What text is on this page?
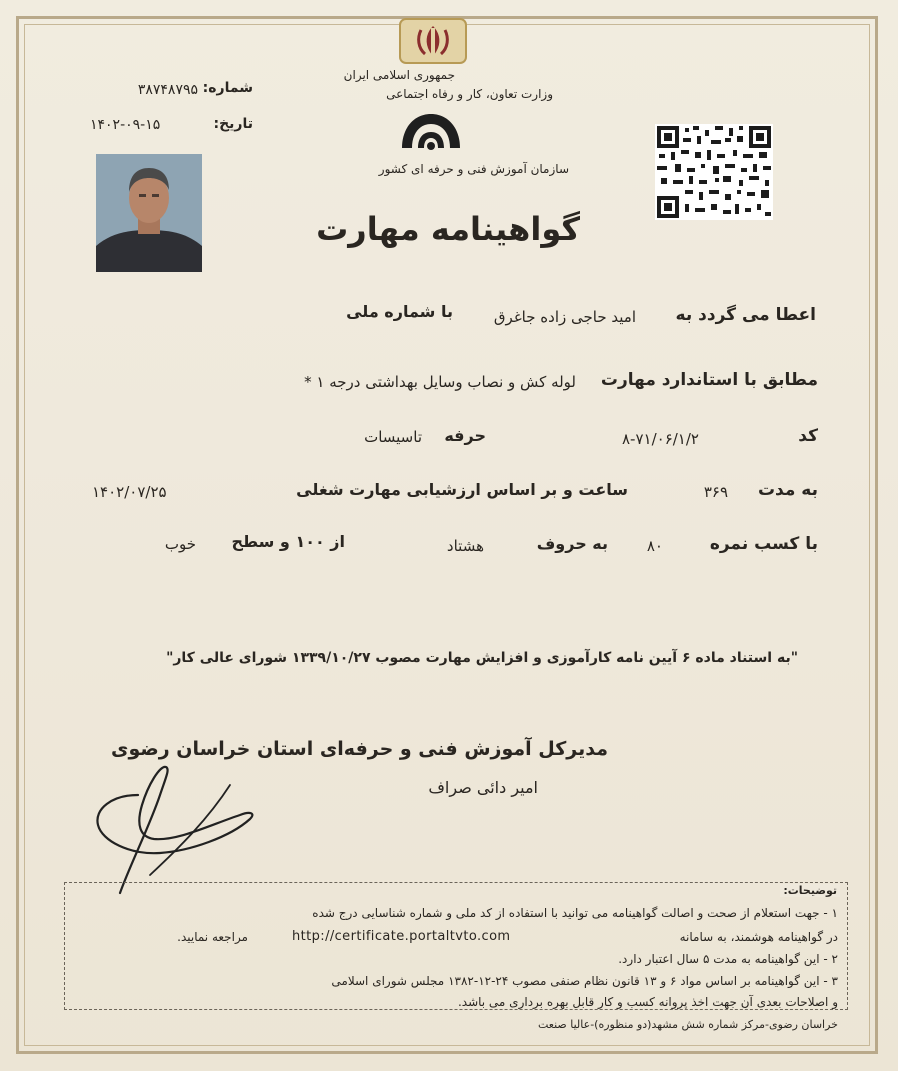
جمهوری اسلامی ایران
وزارت تعاون، کار و رفاه اجتماعی
سازمان آموزش فنی و حرفه ای کشور
شماره:
۳۸۷۴۸۷۹۵
تاریخ:
۱۴۰۲-۰۹-۱۵
گواهینامه مهارت
اعطا می گردد به
امید حاجی زاده جاغرق
با شماره ملی
مطابق با استاندارد مهارت
لوله کش و نصاب وسایل بهداشتی درجه ۱ *
کد
۸-۷۱/۰۶/۱/۲
حرفه
تاسیسات
به مدت
۳۶۹
ساعت و بر اساس ارزشیابی مهارت شغلی
۱۴۰۲/۰۷/۲۵
با کسب نمره
۸۰
به حروف
هشتاد
از ۱۰۰ و سطح
خوب
"به استناد ماده ۶ آیین نامه کارآموزی و افزایش مهارت مصوب ۱۳۳۹/۱۰/۲۷ شورای عالی کار"
مدیرکل آموزش فنی و حرفه‌ای استان خراسان رضوی
امیر دائی صراف
توضیحات:
۱ - جهت استعلام از صحت و اصالت گواهینامه می توانید با استفاده از کد ملی و شماره شناسایی درج شده
در گواهینامه هوشمند، به سامانه
http://certificate.portaltvto.com
مراجعه نمایید.
۲ - این گواهینامه به مدت ۵ سال اعتبار دارد.
۳ - این گواهینامه بر اساس مواد ۶ و ۱۳ قانون نظام صنفی مصوب ۲۴-۱۲-۱۳۸۲ مجلس شورای اسلامی
و اصلاحات بعدی آن جهت اخذ پروانه کسب و کار قابل بهره برداری می باشد.
خراسان رضوی-مرکز شماره شش مشهد(دو منظوره)-عالیا صنعت
